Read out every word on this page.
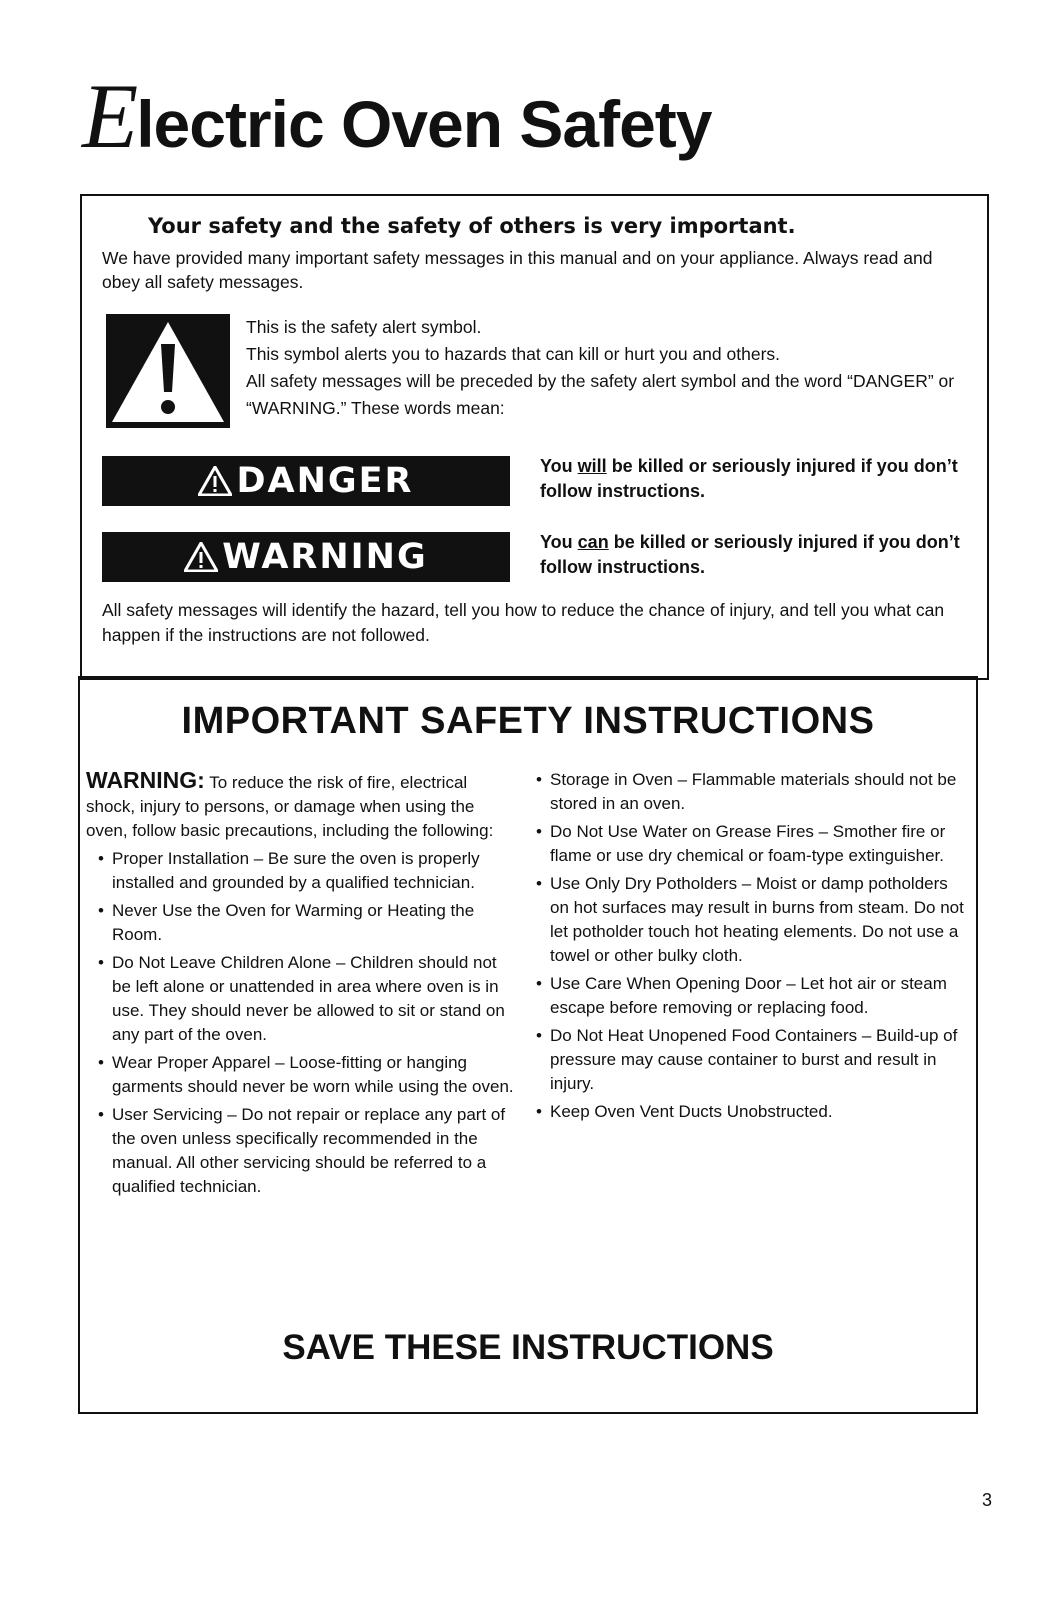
Electric Oven Safety
Your safety and the safety of others is very important.

We have provided many important safety messages in this manual and on your appliance. Always read and obey all safety messages.

This is the safety alert symbol.
This symbol alerts you to hazards that can kill or hurt you and others.
All safety messages will be preceded by the safety alert symbol and the word “DANGER” or “WARNING.” These words mean:
DANGER	You will be killed or seriously injured if you don’t follow instructions.

WARNING	You can be killed or seriously injured if you don’t follow instructions.

All safety messages will identify the hazard, tell you how to reduce the chance of injury, and tell you what can happen if the instructions are not followed.

IMPORTANT SAFETY INSTRUCTIONS

WARNING: To reduce the risk of fire, electrical shock, injury to persons, or damage when using the oven, follow basic precautions, including the following:

• Proper Installation – Be sure the oven is properly installed and grounded by a qualified technician.
• Never Use the Oven for Warming or Heating the Room.
• Do Not Leave Children Alone – Children should not be left alone or unattended in area where oven is in use. They should never be allowed to sit or stand on any part of the oven.
• Wear Proper Apparel – Loose-fitting or hanging garments should never be worn while using the oven.
• User Servicing – Do not repair or replace any part of the oven unless specifically recommended in the manual. All other servicing should be referred to a qualified technician.
• Storage in Oven – Flammable materials should not be stored in an oven.
• Do Not Use Water on Grease Fires – Smother fire or flame or use dry chemical or foam-type extinguisher.
• Use Only Dry Potholders – Moist or damp potholders on hot surfaces may result in burns from steam. Do not let potholder touch hot heating elements. Do not use a towel or other bulky cloth.
• Use Care When Opening Door – Let hot air or steam escape before removing or replacing food.
• Do Not Heat Unopened Food Containers – Build-up of pressure may cause container to burst and result in injury.
• Keep Oven Vent Ducts Unobstructed.
SAVE THESE INSTRUCTIONS

3
